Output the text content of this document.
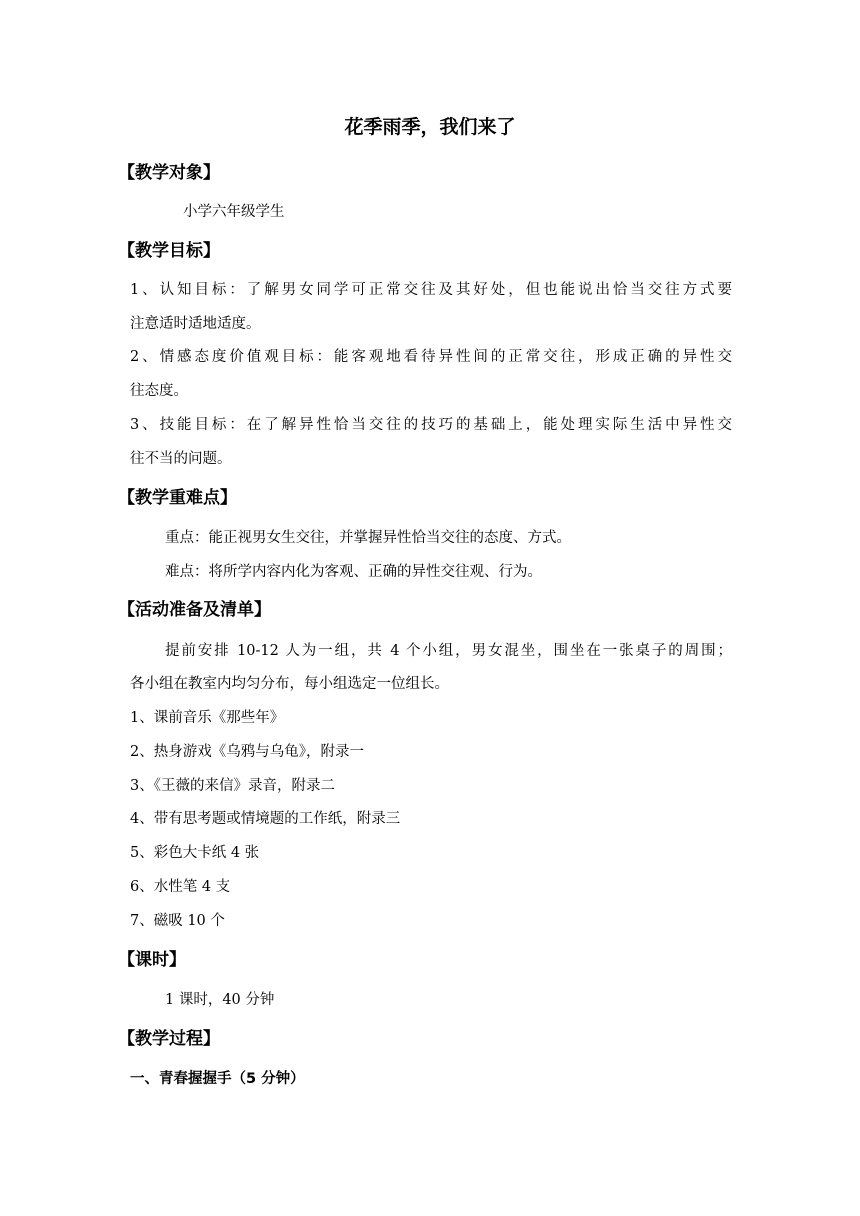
花季雨季，我们来了
【教学对象】
小学六年级学生
【教学目标】
1、认知目标：了解男女同学可正常交往及其好处，但也能说出恰当交往方式要
注意适时适地适度。
2、情感态度价值观目标：能客观地看待异性间的正常交往，形成正确的异性交
往态度。
3、技能目标：在了解异性恰当交往的技巧的基础上，能处理实际生活中异性交
往不当的问题。
【教学重难点】
重点：能正视男女生交往，并掌握异性恰当交往的态度、方式。
难点：将所学内容内化为客观、正确的异性交往观、行为。
【活动准备及清单】
提前安排 10-12 人为一组，共 4 个小组，男女混坐，围坐在一张桌子的周围；
各小组在教室内均匀分布，每小组选定一位组长。
1、课前音乐《那些年》
2、热身游戏《乌鸦与乌龟》，附录一
3、《王薇的来信》录音，附录二
4、带有思考题或情境题的工作纸，附录三
5、彩色大卡纸 4 张
6、水性笔 4 支
7、磁吸 10 个
【课时】
1 课时，40 分钟
【教学过程】
一、青春握握手（5 分钟）
